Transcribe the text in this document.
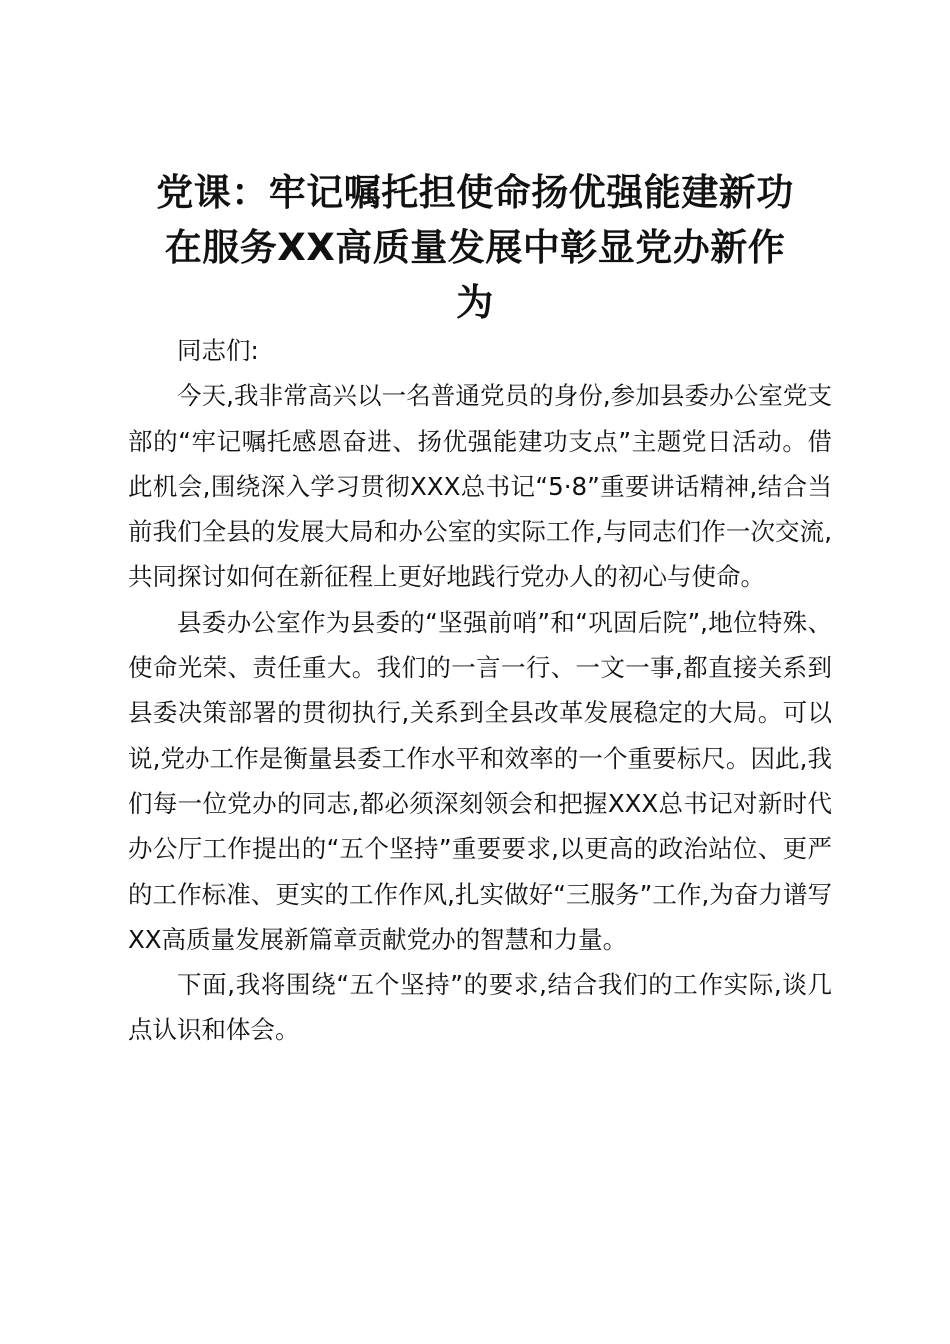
党课：牢记嘱托担使命扬优强能建新功
在服务XX高质量发展中彰显党办新作
为

同志们:

今天,我非常高兴以一名普通党员的身份,参加县委办公室党支部的“牢记嘱托感恩奋进、扬优强能建功支点”主题党日活动。借此机会,围绕深入学习贯彻XXX总书记“5·8”重要讲话精神,结合当前我们全县的发展大局和办公室的实际工作,与同志们作一次交流,共同探讨如何在新征程上更好地践行党办人的初心与使命。

县委办公室作为县委的“坚强前哨”和“巩固后院”,地位特殊、使命光荣、责任重大。我们的一言一行、一文一事,都直接关系到县委决策部署的贯彻执行,关系到全县改革发展稳定的大局。可以说,党办工作是衡量县委工作水平和效率的一个重要标尺。因此,我们每一位党办的同志,都必须深刻领会和把握XXX总书记对新时代办公厅工作提出的“五个坚持”重要要求,以更高的政治站位、更严的工作标准、更实的工作作风,扎实做好“三服务”工作,为奋力谱写XX高质量发展新篇章贡献党办的智慧和力量。

下面,我将围绕“五个坚持”的要求,结合我们的工作实际,谈几点认识和体会。
